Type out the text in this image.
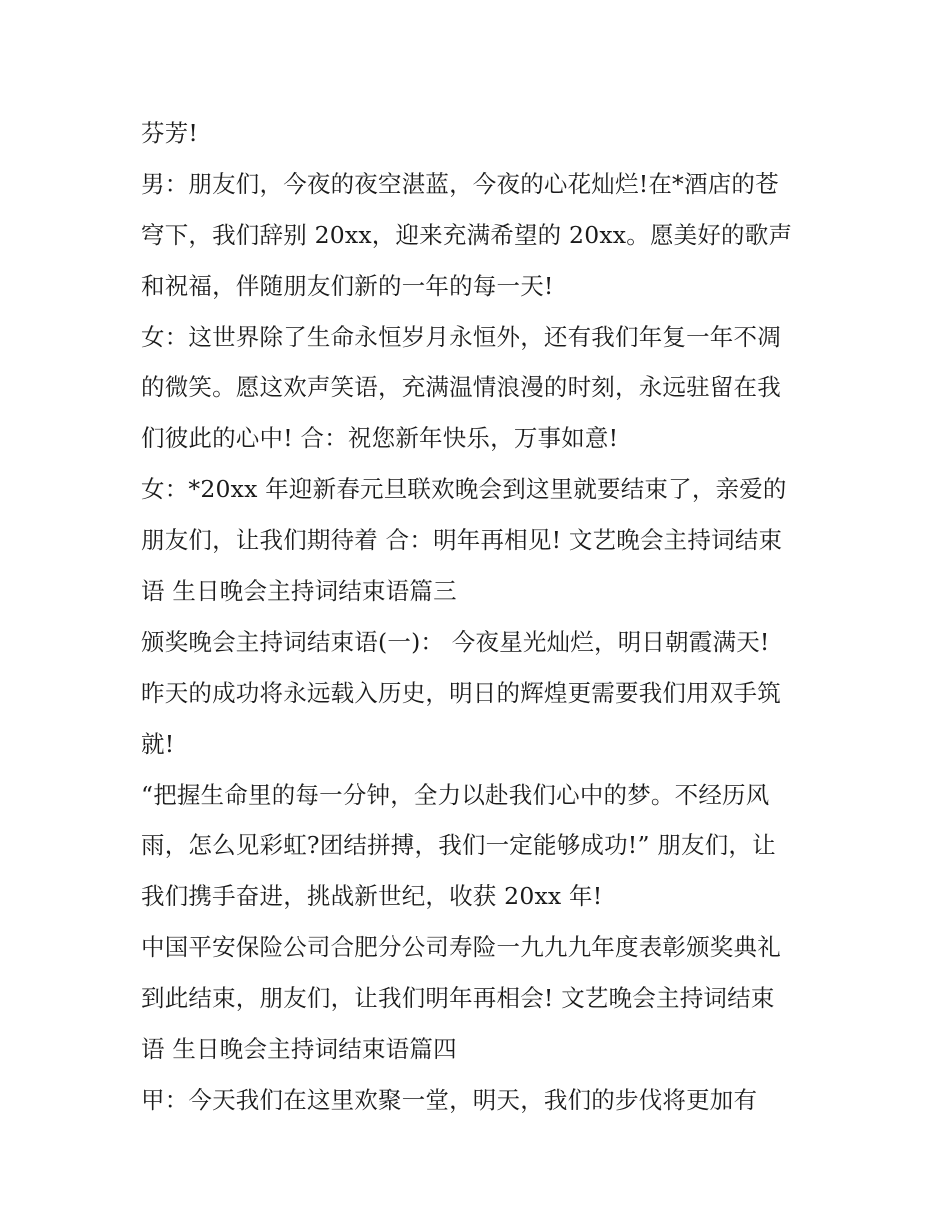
芬芳!
男：朋友们，今夜的夜空湛蓝，今夜的心花灿烂!在*酒店的苍
穹下，我们辞别 20xx，迎来充满希望的 20xx。愿美好的歌声
和祝福，伴随朋友们新的一年的每一天!
女：这世界除了生命永恒岁月永恒外，还有我们年复一年不凋
的微笑。愿这欢声笑语，充满温情浪漫的时刻，永远驻留在我
们彼此的心中! 合：祝您新年快乐，万事如意!
女：*20xx 年迎新春元旦联欢晚会到这里就要结束了，亲爱的
朋友们，让我们期待着 合：明年再相见! 文艺晚会主持词结束
语 生日晚会主持词结束语篇三
颁奖晚会主持词结束语(一)： 今夜星光灿烂，明日朝霞满天!
昨天的成功将永远载入历史，明日的辉煌更需要我们用双手筑
就!
“把握生命里的每一分钟，全力以赴我们心中的梦。不经历风
雨，怎么见彩虹?团结拼搏，我们一定能够成功!” 朋友们，让
我们携手奋进，挑战新世纪，收获 20xx 年!
中国平安保险公司合肥分公司寿险一九九九年度表彰颁奖典礼
到此结束，朋友们，让我们明年再相会! 文艺晚会主持词结束
语 生日晚会主持词结束语篇四
甲：今天我们在这里欢聚一堂，明天，我们的步伐将更加有
